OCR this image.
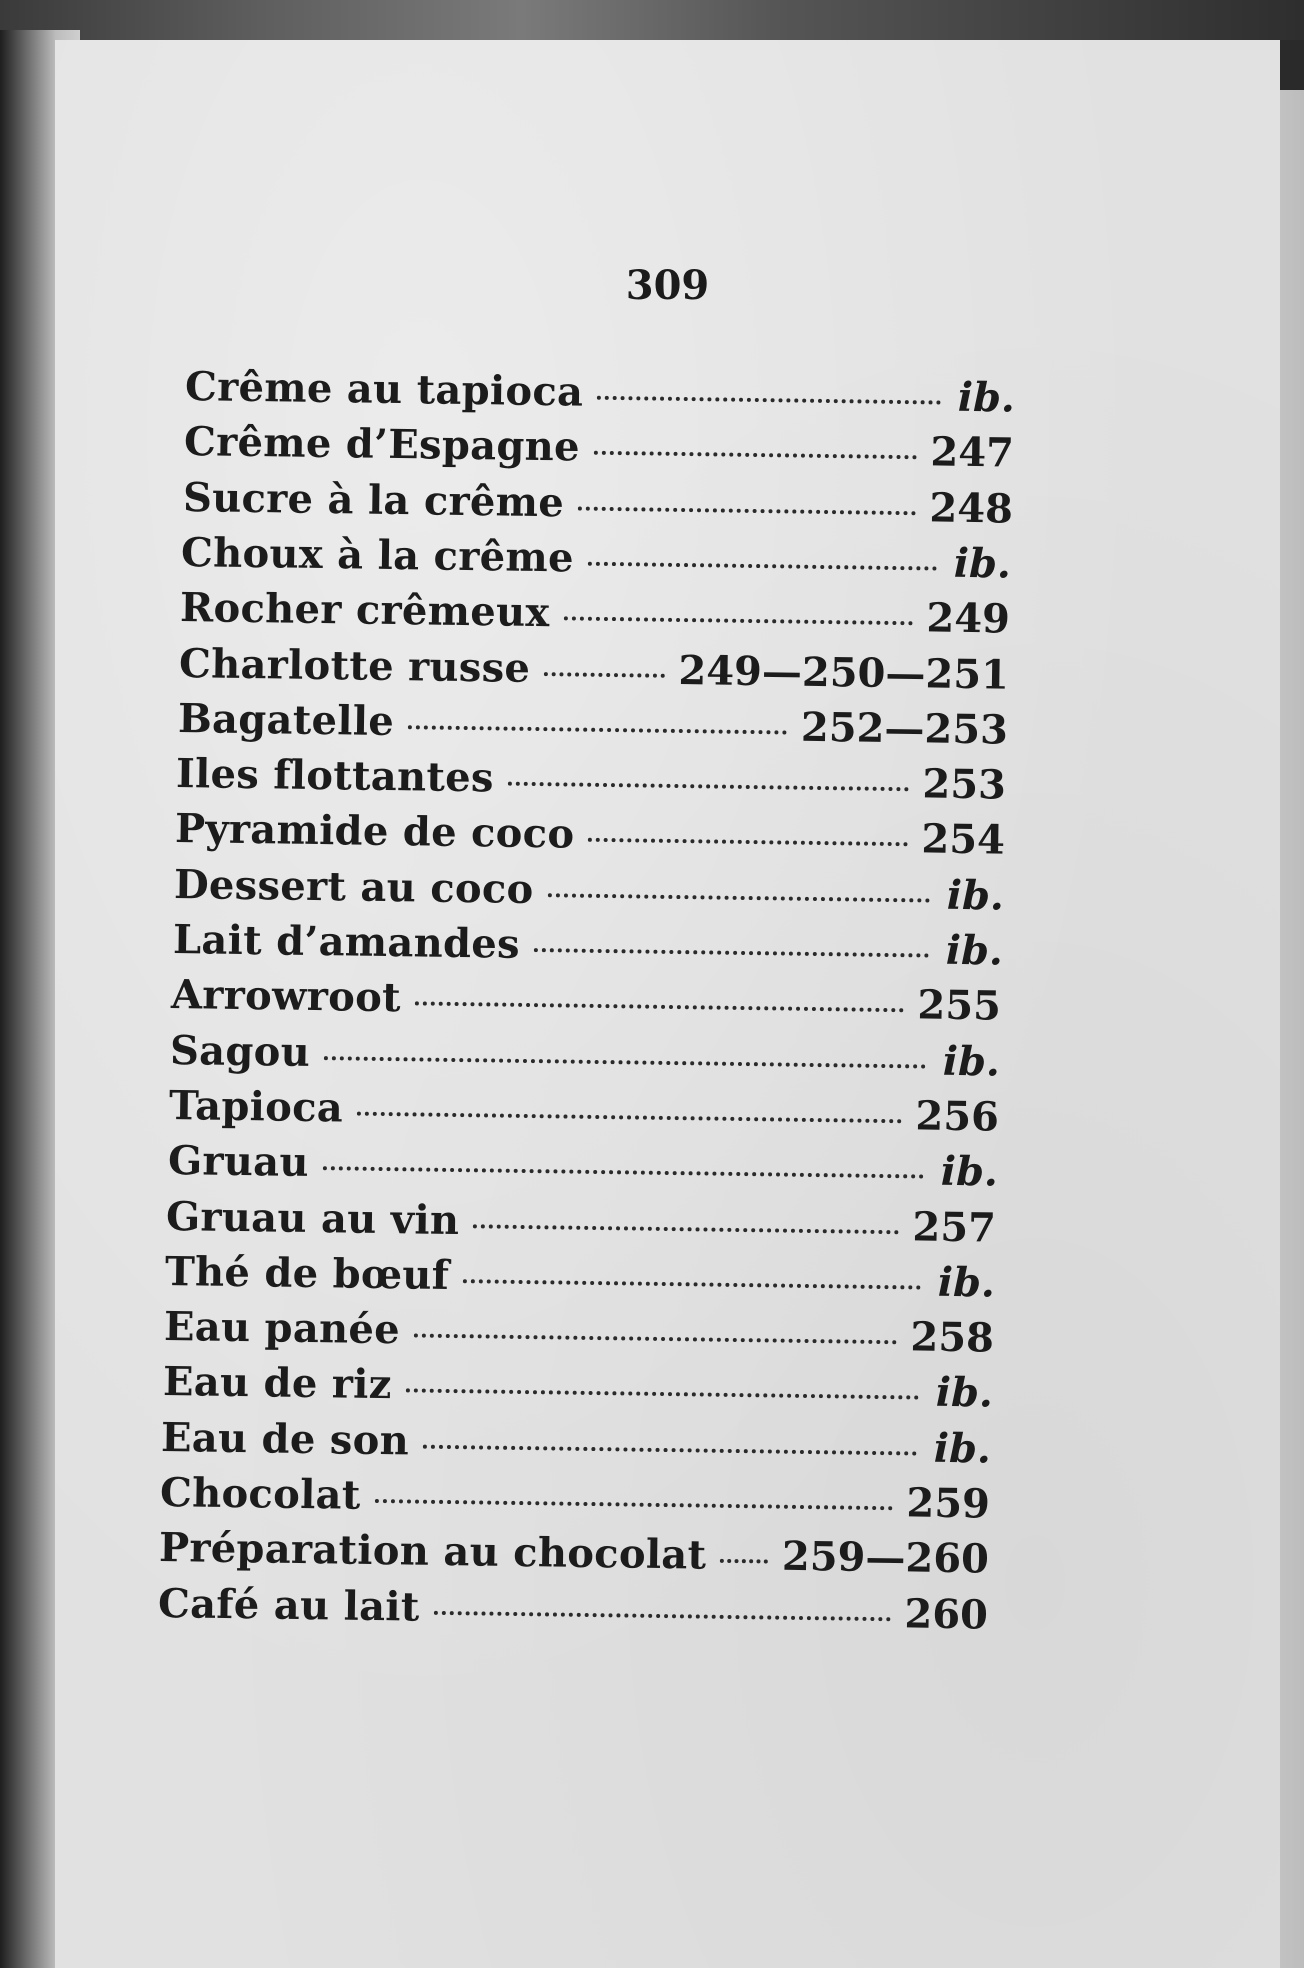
309
Crême au tapioca	ib.
Crême d’Espagne	247
Sucre à la crême	248
Choux à la crême	ib.
Rocher crêmeux	249
Charlotte russe	249—250—251
Bagatelle	252—253
Iles flottantes	253
Pyramide de coco	254
Dessert au coco	ib.
Lait d’amandes	ib.
Arrowroot	255
Sagou	ib.
Tapioca	256
Gruau	ib.
Gruau au vin	257
Thé de bœuf	ib.
Eau panée	258
Eau de riz	ib.
Eau de son	ib.
Chocolat	259
Préparation au chocolat 259—260
Café au lait	260
